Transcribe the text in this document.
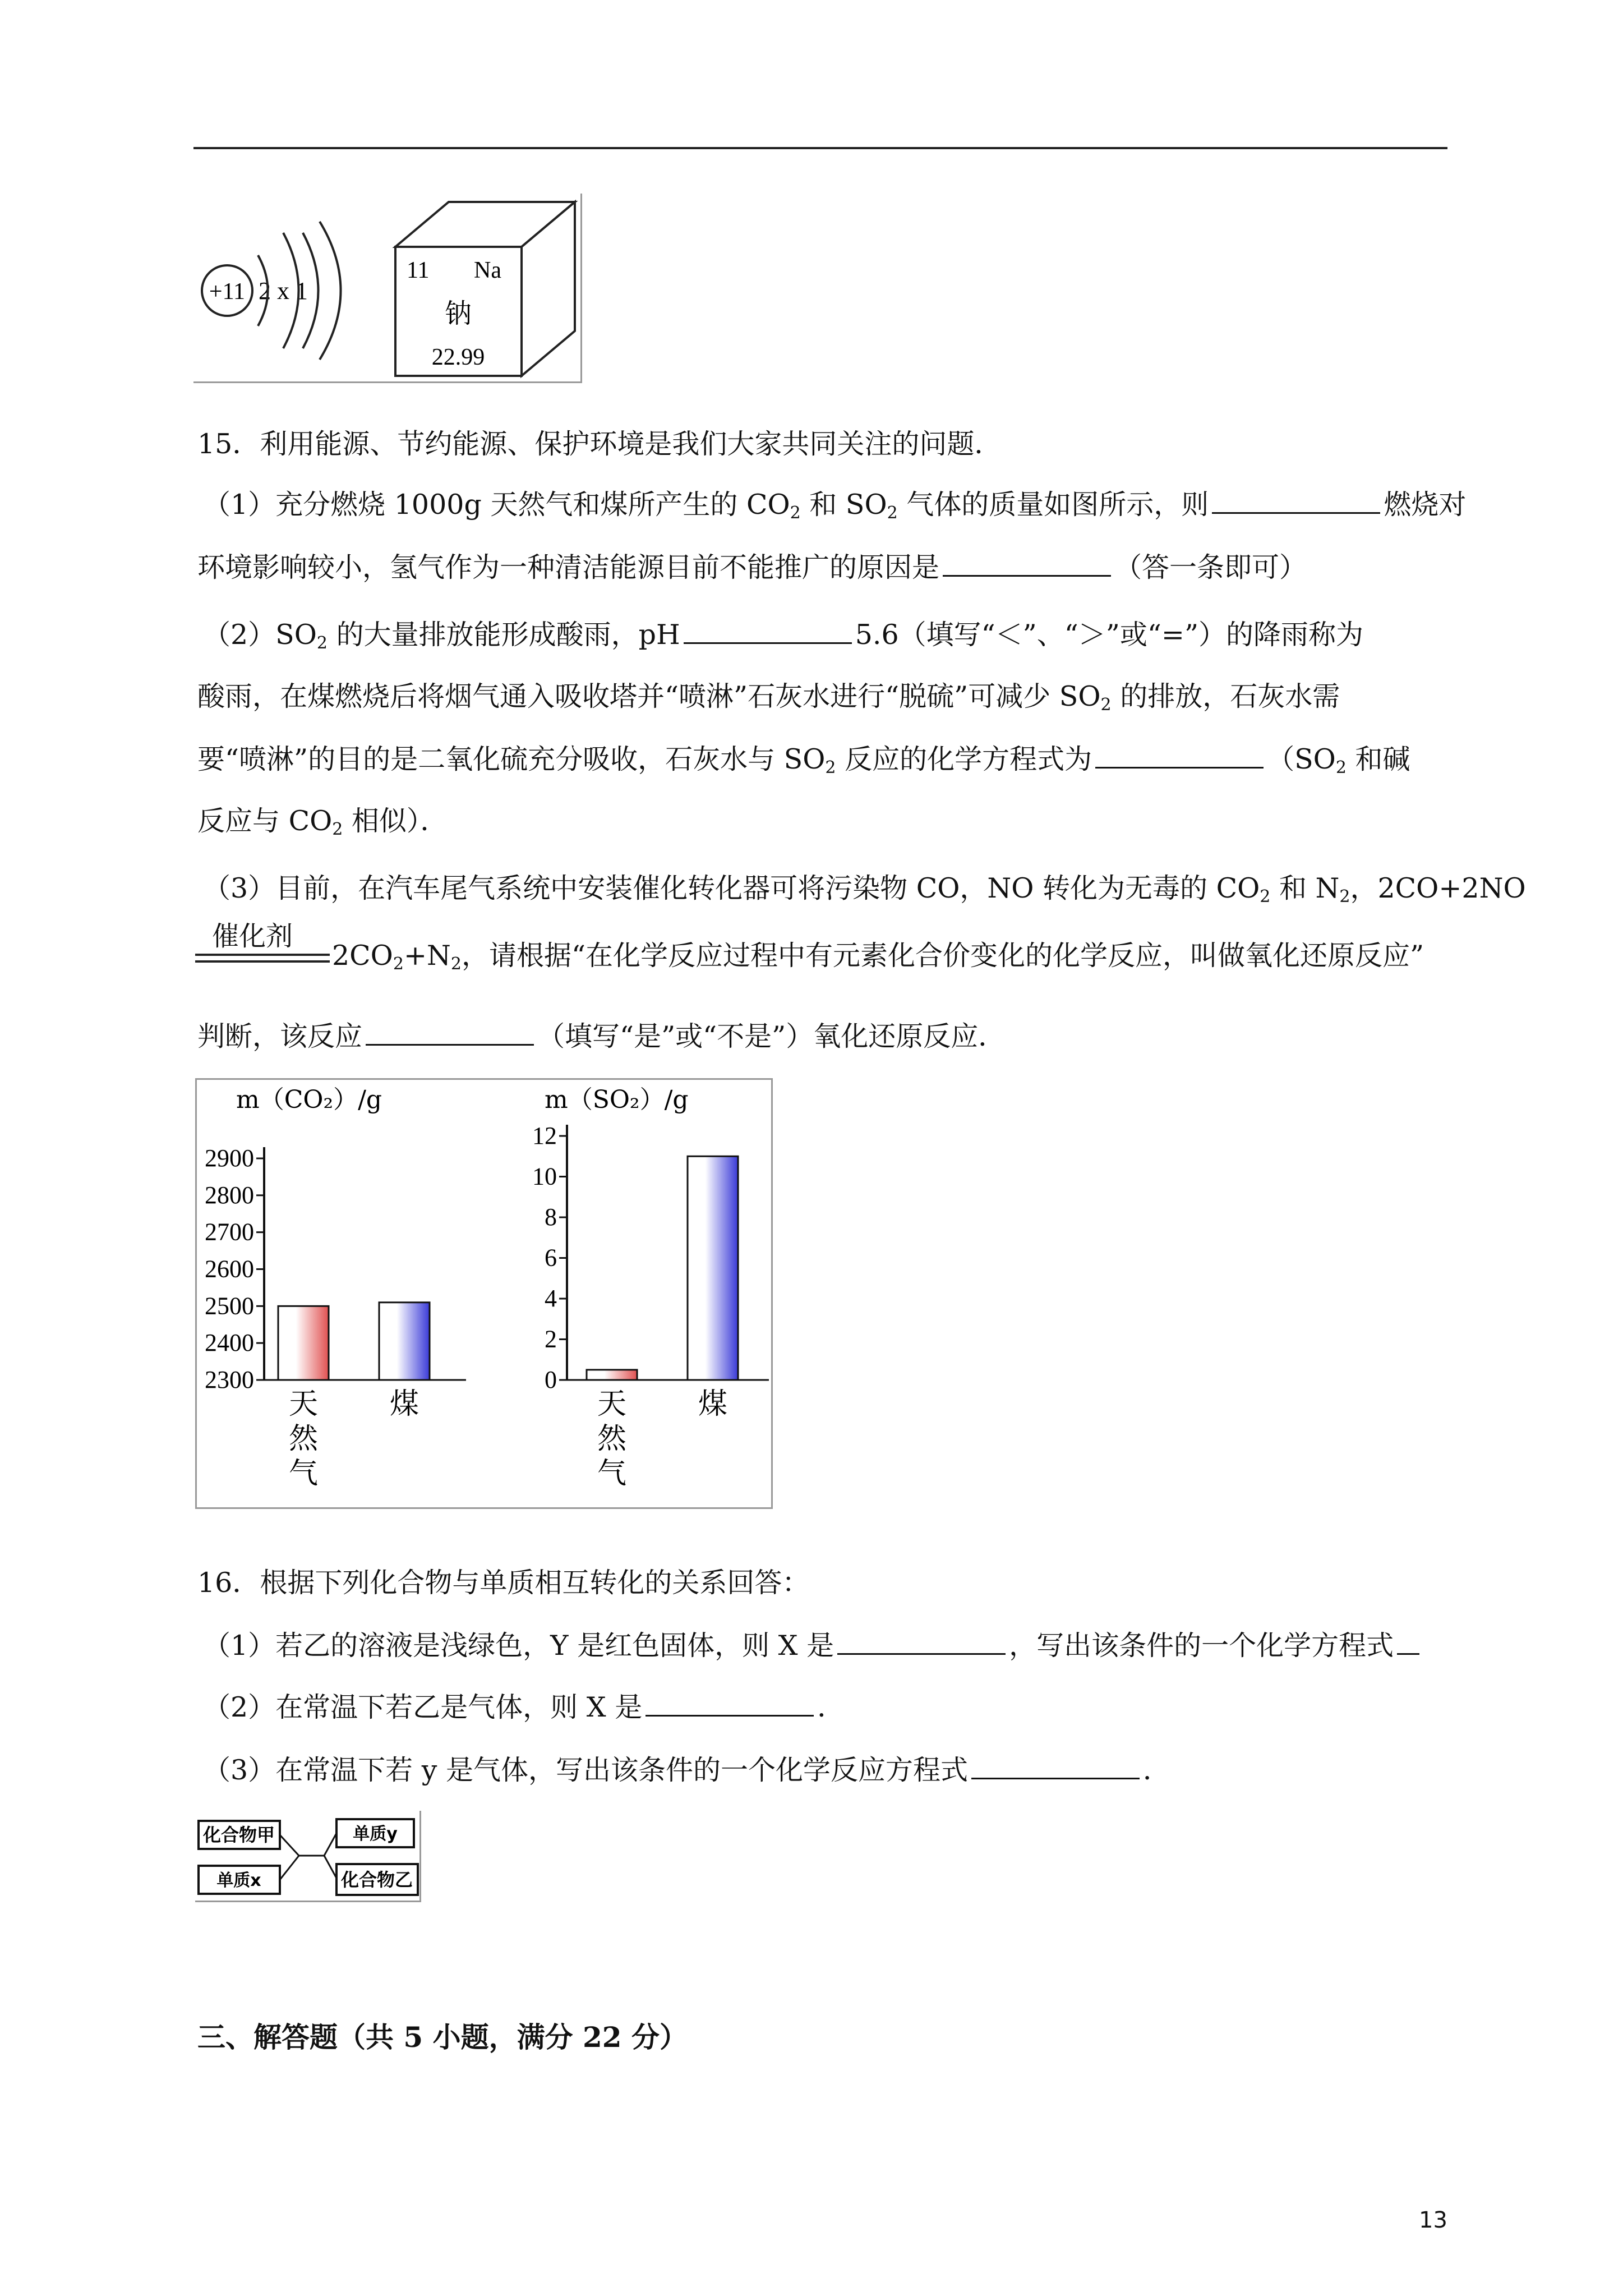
+11 2 x 1
11 Na
钠
22.99
15．利用能源、节约能源、保护环境是我们大家共同关注的问题．
（1）充分燃烧 1000g 天然气和煤所产生的 $CO_2$ 和 $SO_2$ 气体的质量如图所示，则	燃烧对
环境影响较小，氢气作为一种清洁能源目前不能推广的原因是	（答一条即可）
$(2)SO_2$ 的大量排放能形成酸雨，pH	5.6（填写“＜”、“＞”或“=”）的降雨称为
酸雨，在煤燃烧后将烟气通入吸收塔并“喷淋”石灰水进行“脱硫”可减少 $SO_2$ 的排放，石灰水需
要“喷淋”的目的是二氧化硫充分吸收，石灰水与 $SO_2$ 反应的化学方程式为	（$SO_2$ 和碱
反应与 $CO_2$ 相似）．
（3）目前，在汽车尾气系统中安装催化转化器可将污染物 CO，NO 转化为无毒的 $CO_2$ 和 $N_2$，2CO+2NO
催化剂
$2CO_2+N_2$，请根据“在化学反应过程中有元素化合价变化的化学反应，叫做氧化还原反应”
判断，该反应	（填写“是”或“不是”）氧化还原反应．
m（CO₂）/g
2900
2800
2700
2600
2500
2400
2300
天
然
气
煤
m（SO₂）/g
12
10
8
6
4
2
0
天
然
气
煤
16．根据下列化合物与单质相互转化的关系回答：
（1）若乙的溶液是浅绿色，Y 是红色固体，则 X 是	，写出该条件的一个化学方程式
（2）在常温下若乙是气体，则 X 是	．
（3）在常温下若 y 是气体，写出该条件的一个化学反应方程式	．
化合物甲
单质x
单质y
化合物乙
三、解答题（共 5 小题，满分 22 分）
13
